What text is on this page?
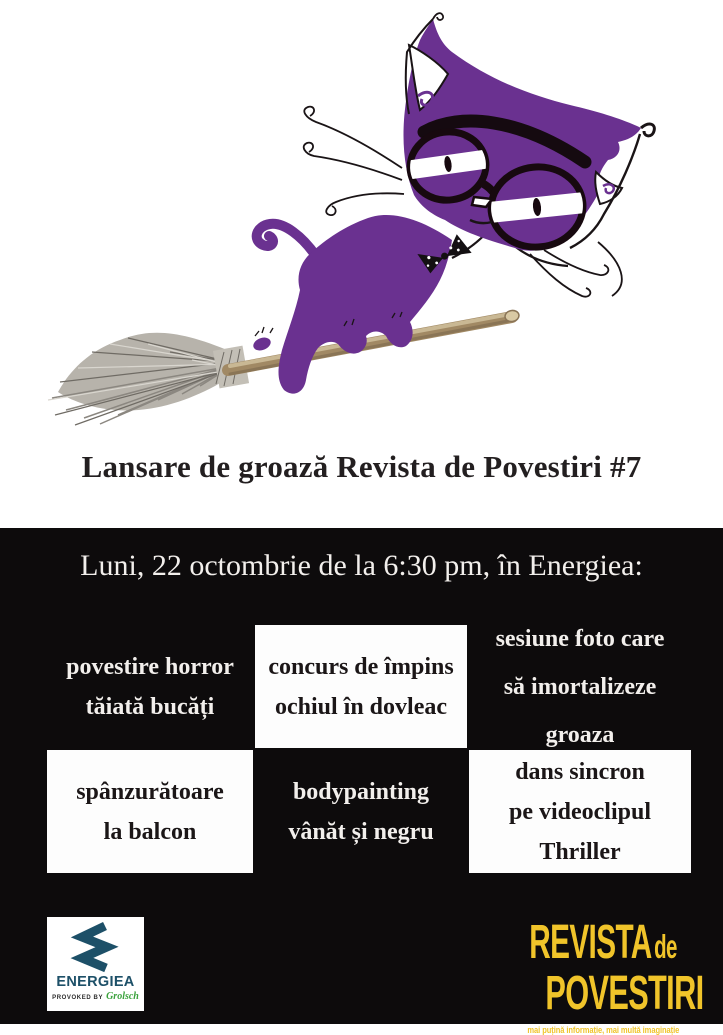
Lansare de groază Revista de Povestiri #7
Luni, 22 octombrie de la 6:30 pm, în Energiea:
povestire horror
tăiată bucăți
concurs de împins
ochiul în dovleac
sesiune foto care
să imortalizeze
groaza
spânzurătoare
la balcon
bodypainting
vânăt și negru
dans sincron
pe videoclipul
Thriller
ENERGIEA
PROVOKED BY Grolsch
REVISTA de
POVESTIRI
mai puțină informație, mai multă imaginație
